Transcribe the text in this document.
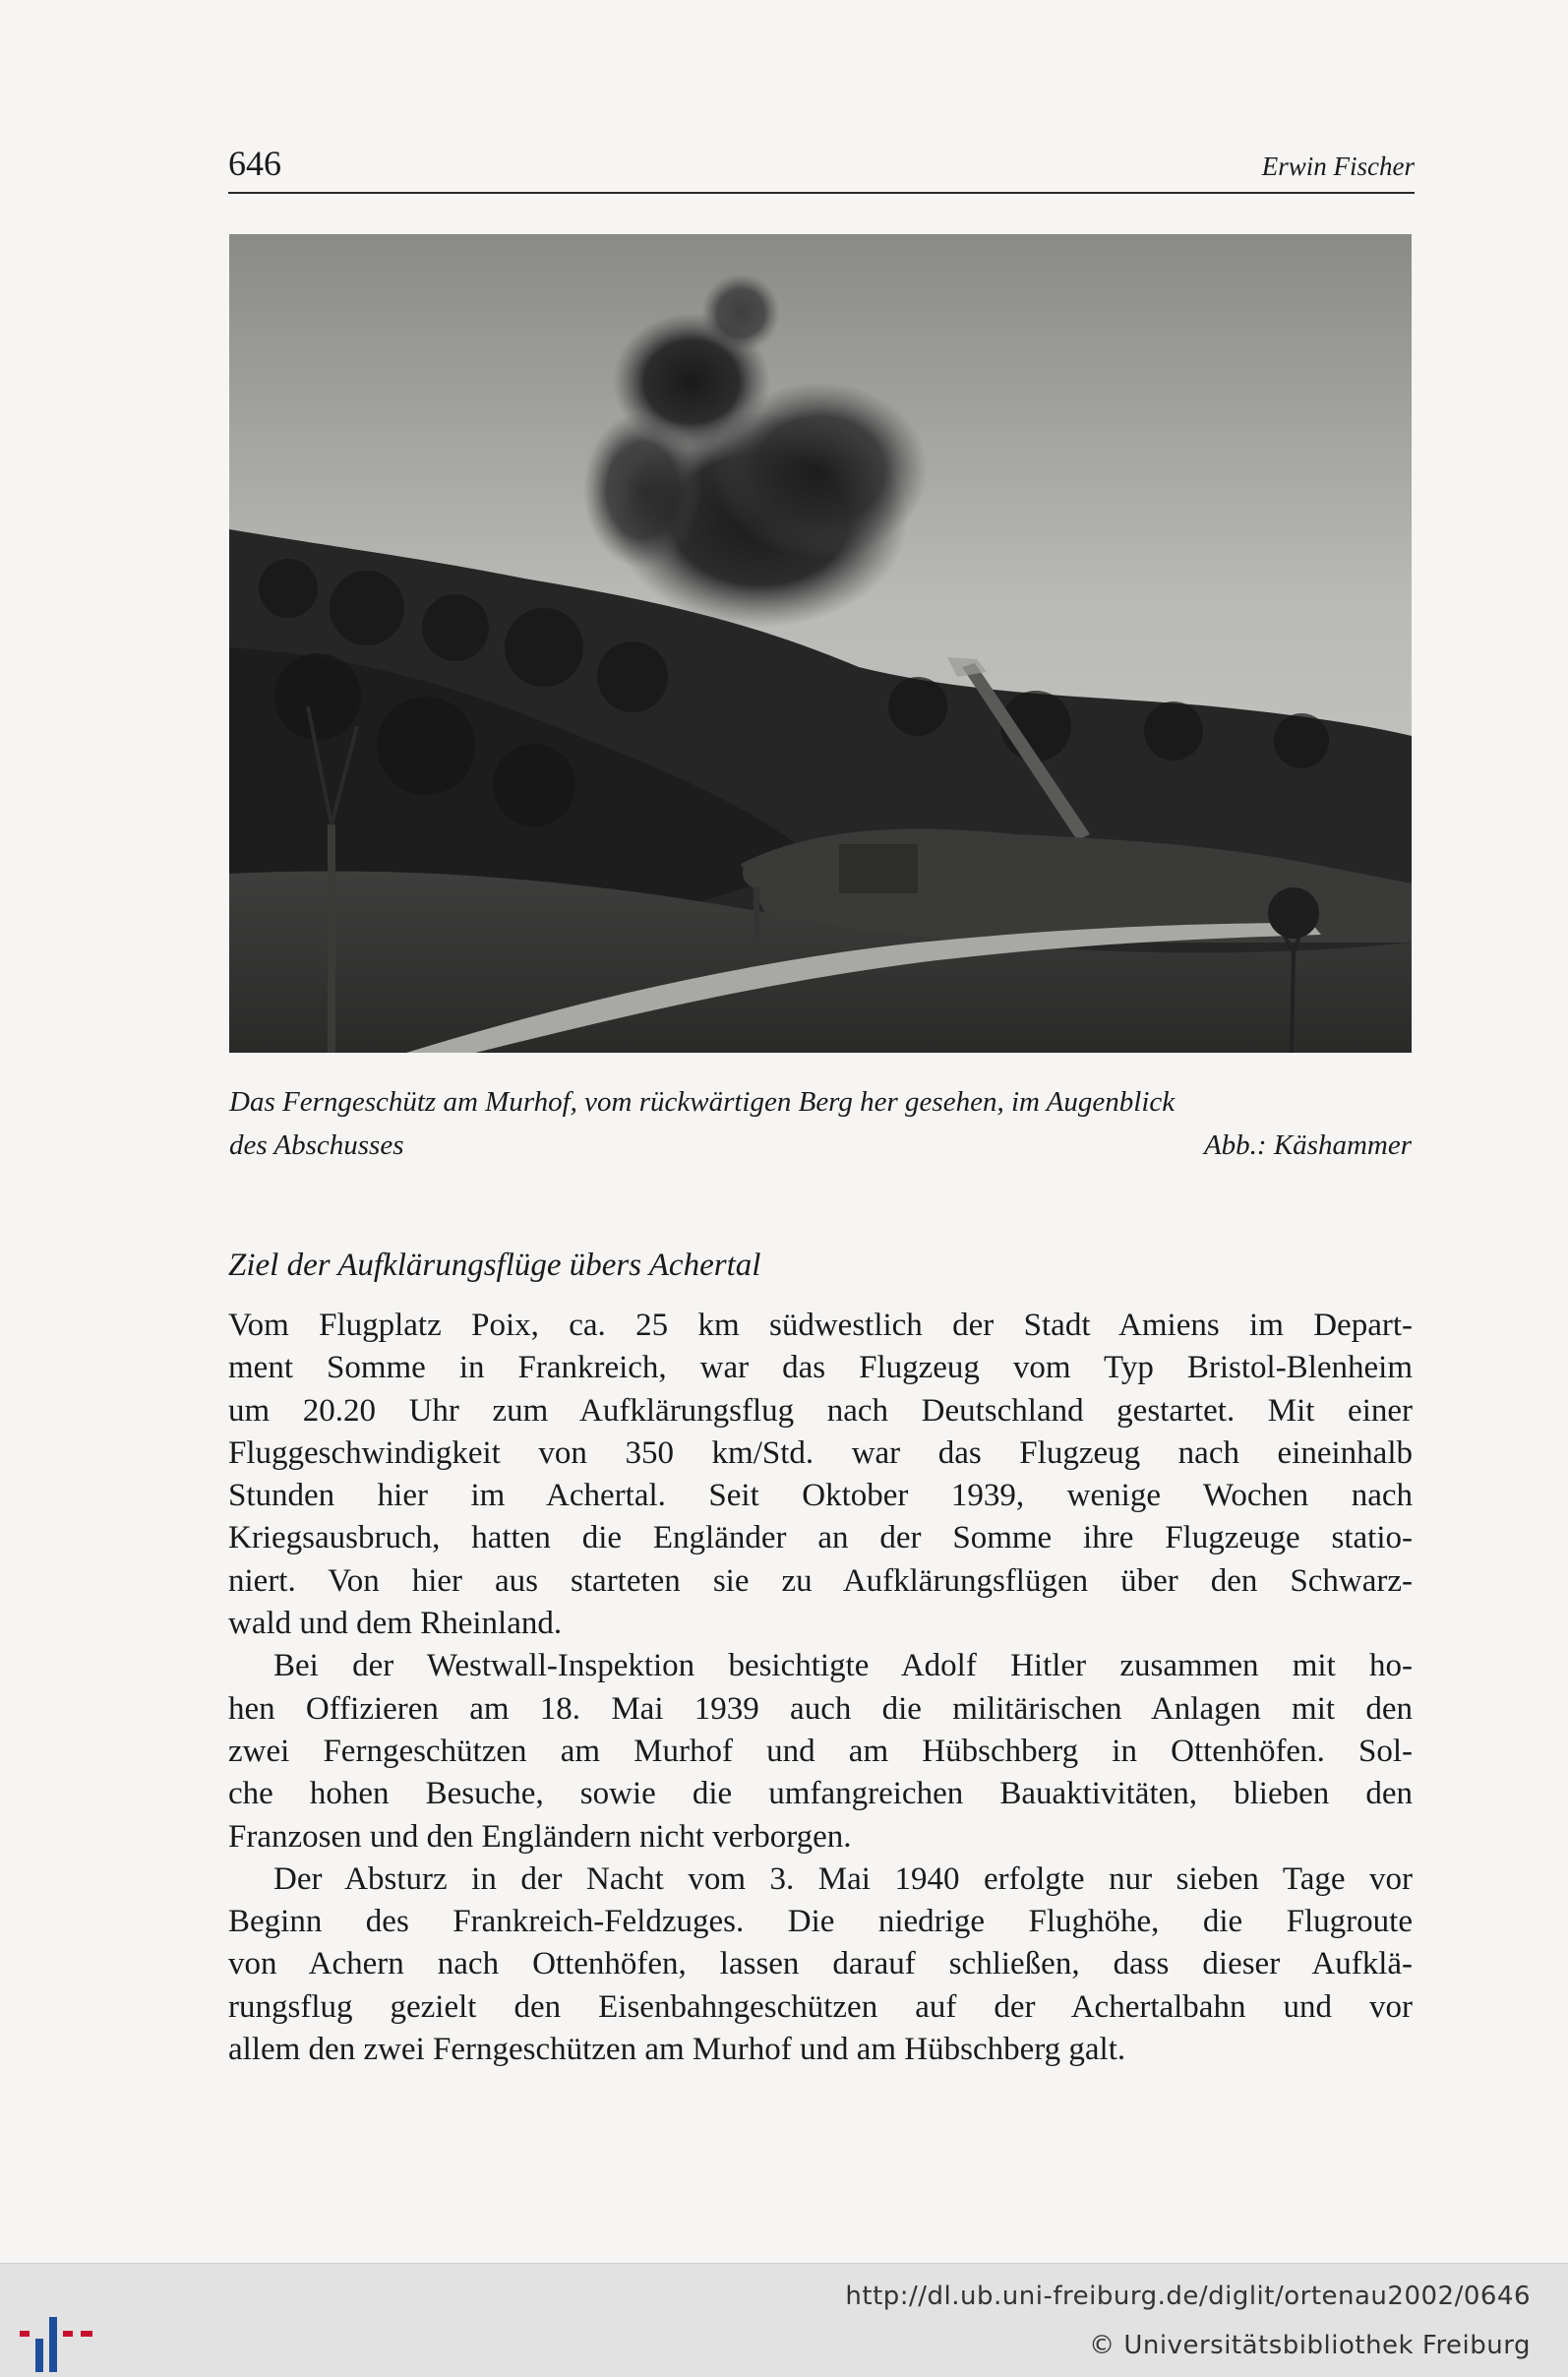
646	Erwin Fischer
Das Ferngeschütz am Murhof, vom rückwärtigen Berg her gesehen, im Augenblick
des Abschusses	Abb.: Käshammer
Ziel der Aufklärungsflüge übers Achertal
Vom Flugplatz Poix, ca. 25 km südwestlich der Stadt Amiens im Depart-
ment Somme in Frankreich, war das Flugzeug vom Typ Bristol-Blenheim
um 20.20 Uhr zum Aufklärungsflug nach Deutschland gestartet. Mit einer
Fluggeschwindigkeit von 350 km/Std. war das Flugzeug nach eineinhalb
Stunden hier im Achertal. Seit Oktober 1939, wenige Wochen nach
Kriegsausbruch, hatten die Engländer an der Somme ihre Flugzeuge statio-
niert. Von hier aus starteten sie zu Aufklärungsflügen über den Schwarz-
wald und dem Rheinland.
Bei der Westwall-Inspektion besichtigte Adolf Hitler zusammen mit ho-
hen Offizieren am 18. Mai 1939 auch die militärischen Anlagen mit den
zwei Ferngeschützen am Murhof und am Hübschberg in Ottenhöfen. Sol-
che hohen Besuche, sowie die umfangreichen Bauaktivitäten, blieben den
Franzosen und den Engländern nicht verborgen.
Der Absturz in der Nacht vom 3. Mai 1940 erfolgte nur sieben Tage vor
Beginn des Frankreich-Feldzuges. Die niedrige Flughöhe, die Flugroute
von Achern nach Ottenhöfen, lassen darauf schließen, dass dieser Aufklä-
rungsflug gezielt den Eisenbahngeschützen auf der Achertalbahn und vor
allem den zwei Ferngeschützen am Murhof und am Hübschberg galt.
http://dl.ub.uni-freiburg.de/diglit/ortenau2002/0646
© Universitätsbibliothek Freiburg
